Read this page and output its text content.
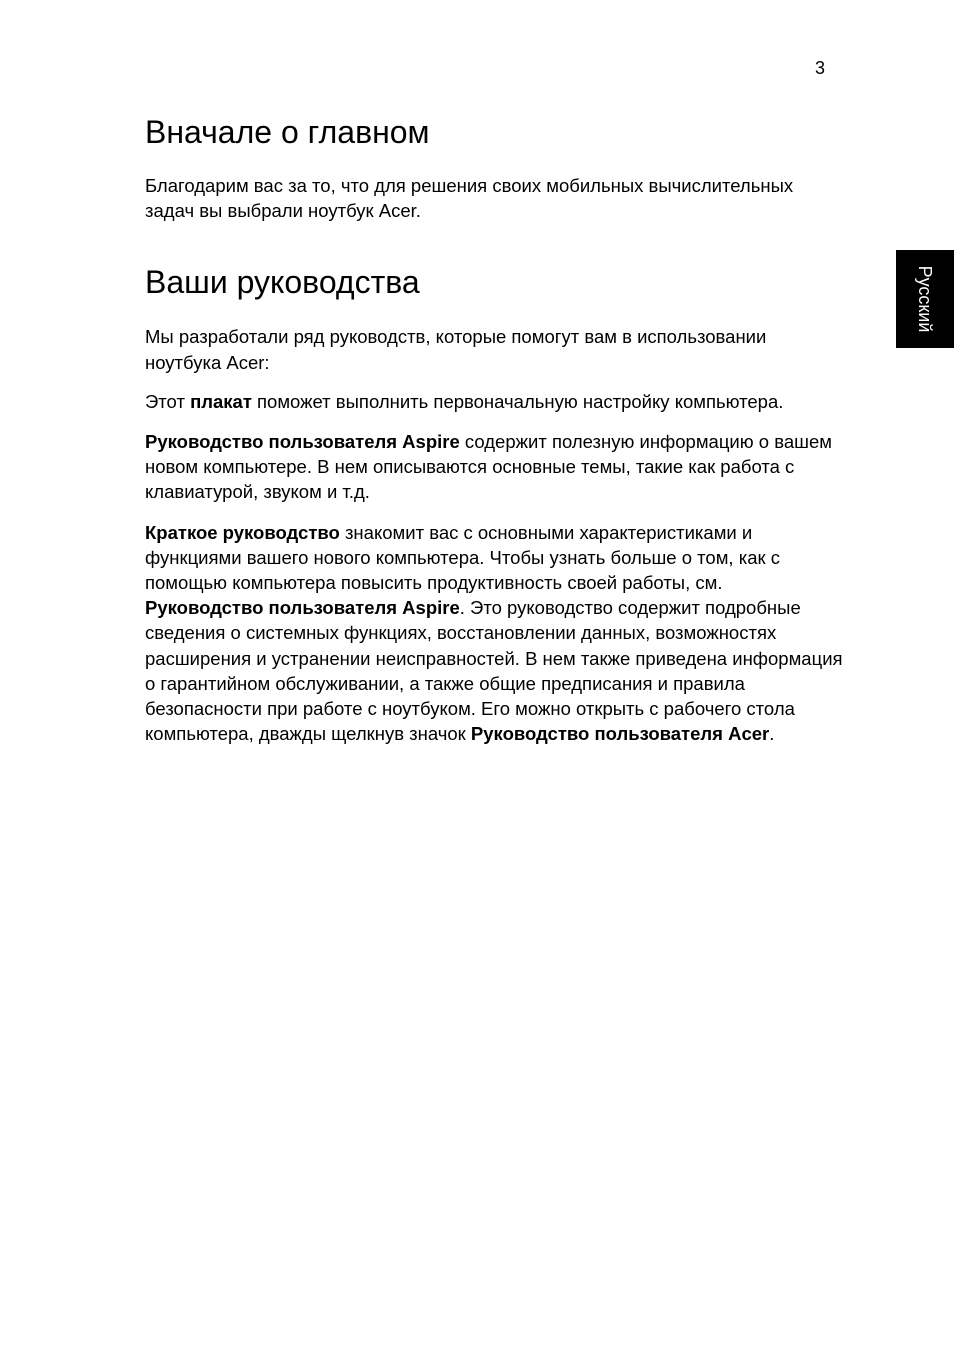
3
Русский
Вначале о главном

Благодарим вас за то, что для решения своих мобильных вычислительных задач вы выбрали ноутбук Acer.

Ваши руководства

Мы разработали ряд руководств, которые помогут вам в использовании ноутбука Acer:

Этот плакат поможет выполнить первоначальную настройку компьютера.

Руководство пользователя Aspire содержит полезную информацию о вашем новом компьютере. В нем описываются основные темы, такие как работа с клавиатурой, звуком и т.д.

Краткое руководство знакомит вас с основными характеристиками и функциями вашего нового компьютера. Чтобы узнать больше о том, как с помощью компьютера повысить продуктивность своей работы, см. Руководство пользователя Aspire. Это руководство содержит подробные сведения о системных функциях, восстановлении данных, возможностях расширения и устранении неисправностей. В нем также приведена информация о гарантийном обслуживании, а также общие предписания и правила безопасности при работе с ноутбуком. Его можно открыть с рабочего стола компьютера, дважды щелкнув значок Руководство пользователя Acer.
